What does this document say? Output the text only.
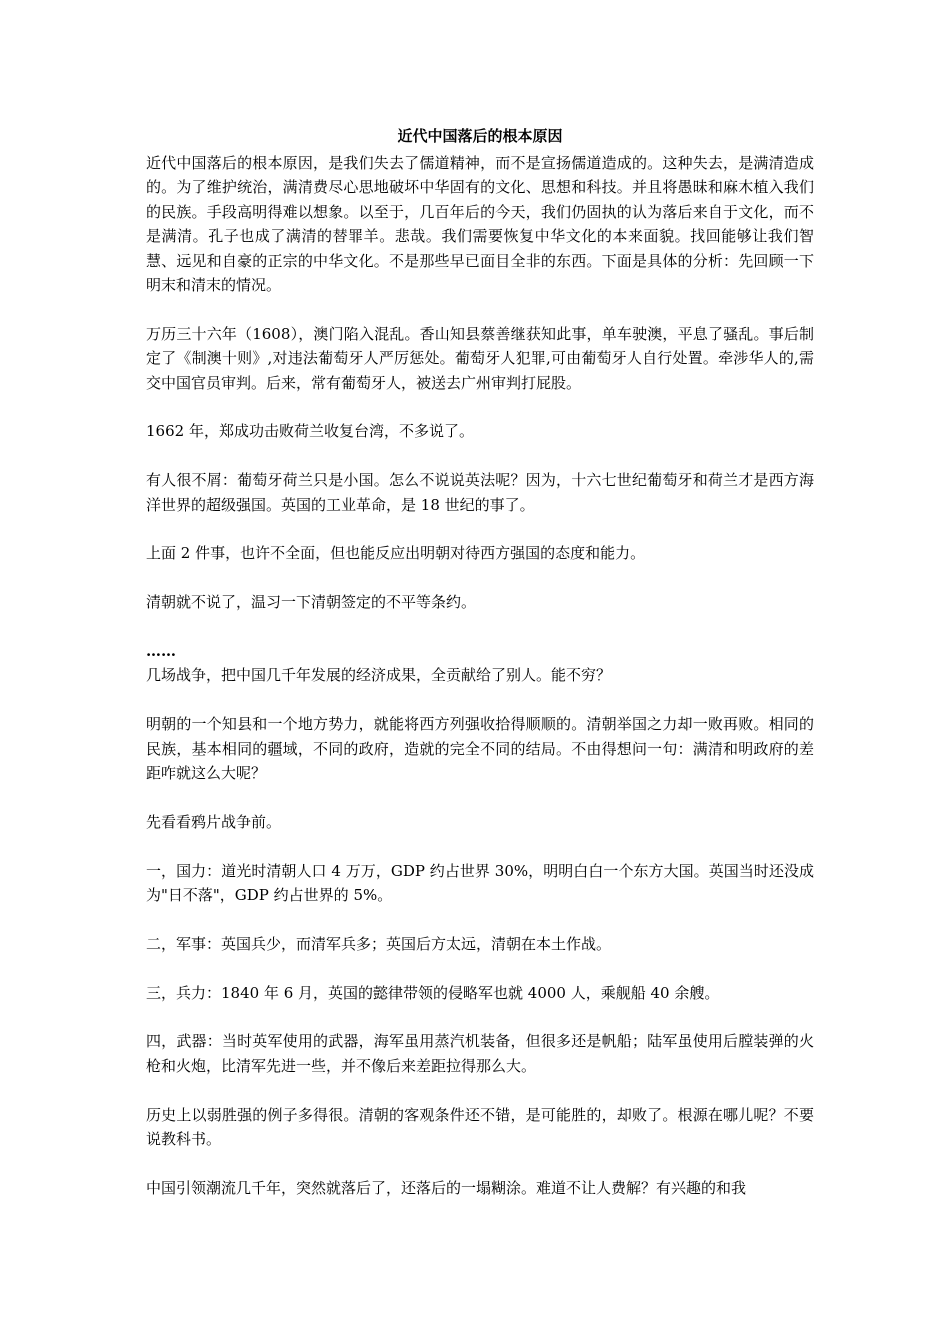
近代中国落后的根本原因

近代中国落后的根本原因，是我们失去了儒道精神，而不是宣扬儒道造成的。这种失去，是满清造成的。为了维护统治，满清费尽心思地破坏中华固有的文化、思想和科技。并且将愚昧和麻木植入我们的民族。手段高明得难以想象。以至于，几百年后的今天，我们仍固执的认为落后来自于文化，而不是满清。孔子也成了满清的替罪羊。悲哉。我们需要恢复中华文化的本来面貌。找回能够让我们智慧、远见和自豪的正宗的中华文化。不是那些早已面目全非的东西。下面是具体的分析：先回顾一下明末和清末的情况。

万历三十六年（1608），澳门陷入混乱。香山知县蔡善继获知此事，单车驶澳，平息了骚乱。事后制定了《制澳十则》,对违法葡萄牙人严厉惩处。葡萄牙人犯罪,可由葡萄牙人自行处置。牵涉华人的,需交中国官员审判。后来，常有葡萄牙人，被送去广州审判打屁股。

1662 年，郑成功击败荷兰收复台湾，不多说了。

有人很不屑：葡萄牙荷兰只是小国。怎么不说说英法呢？因为，十六七世纪葡萄牙和荷兰才是西方海洋世界的超级强国。英国的工业革命，是 18 世纪的事了。

上面 2 件事，也许不全面，但也能反应出明朝对待西方强国的态度和能力。

清朝就不说了，温习一下清朝签定的不平等条约。

……

几场战争，把中国几千年发展的经济成果，全贡献给了别人。能不穷？

明朝的一个知县和一个地方势力，就能将西方列强收拾得顺顺的。清朝举国之力却一败再败。相同的民族，基本相同的疆域，不同的政府，造就的完全不同的结局。不由得想问一句：满清和明政府的差距咋就这么大呢？

先看看鸦片战争前。

一，国力：道光时清朝人口 4 万万，GDP 约占世界 30%，明明白白一个东方大国。英国当时还没成为"日不落"，GDP 约占世界的 5%。

二，军事：英国兵少，而清军兵多；英国后方太远，清朝在本土作战。

三，兵力：1840 年 6 月，英国的懿律带领的侵略军也就 4000 人，乘舰船 40 余艘。

四，武器：当时英军使用的武器，海军虽用蒸汽机装备，但很多还是帆船；陆军虽使用后膛装弹的火枪和火炮，比清军先进一些，并不像后来差距拉得那么大。

历史上以弱胜强的例子多得很。清朝的客观条件还不错，是可能胜的，却败了。根源在哪儿呢？不要说教科书。

中国引领潮流几千年，突然就落后了，还落后的一塌糊涂。难道不让人费解？有兴趣的和我
